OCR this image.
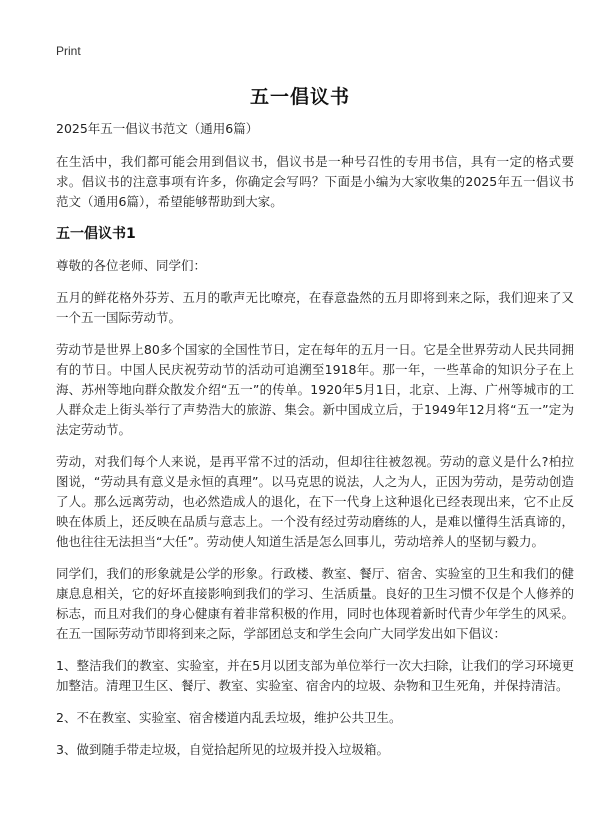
Print
五一倡议书
2025年五一倡议书范文（通用6篇）

在生活中，我们都可能会用到倡议书，倡议书是一种号召性的专用书信，具有一定的格式要求。倡议书的注意事项有许多，你确定会写吗？下面是小编为大家收集的2025年五一倡议书范文（通用6篇），希望能够帮助到大家。

五一倡议书1

尊敬的各位老师、同学们：

五月的鲜花格外芬芳、五月的歌声无比嘹亮，在春意盎然的五月即将到来之际，我们迎来了又一个五一国际劳动节。

劳动节是世界上80多个国家的全国性节日，定在每年的五月一日。它是全世界劳动人民共同拥有的节日。中国人民庆祝劳动节的活动可追溯至1918年。那一年，一些革命的知识分子在上海、苏州等地向群众散发介绍“五一”的传单。1920年5月1日，北京、上海、广州等城市的工人群众走上街头举行了声势浩大的旅游、集会。新中国成立后，于1949年12月将“五一”定为法定劳动节。

劳动，对我们每个人来说，是再平常不过的活动，但却往往被忽视。劳动的意义是什么?柏拉图说，“劳动具有意义是永恒的真理”。以马克思的说法，人之为人，正因为劳动，是劳动创造了人。那么远离劳动，也必然造成人的退化，在下一代身上这种退化已经表现出来，它不止反映在体质上，还反映在品质与意志上。一个没有经过劳动磨练的人，是难以懂得生活真谛的，他也往往无法担当“大任”。劳动使人知道生活是怎么回事儿，劳动培养人的坚韧与毅力。

同学们，我们的形象就是公学的形象。行政楼、教室、餐厅、宿舍、实验室的卫生和我们的健康息息相关，它的好坏直接影响到我们的学习、生活质量。良好的卫生习惯不仅是个人修养的标志，而且对我们的身心健康有着非常积极的作用，同时也体现着新时代青少年学生的风采。在五一国际劳动节即将到来之际，学部团总支和学生会向广大同学发出如下倡议：

1、整洁我们的教室、实验室，并在5月以团支部为单位举行一次大扫除，让我们的学习环境更加整洁。清理卫生区、餐厅、教室、实验室、宿舍内的垃圾、杂物和卫生死角，并保持清洁。

2、不在教室、实验室、宿舍楼道内乱丢垃圾，维护公共卫生。

3、做到随手带走垃圾，自觉拾起所见的垃圾并投入垃圾箱。
